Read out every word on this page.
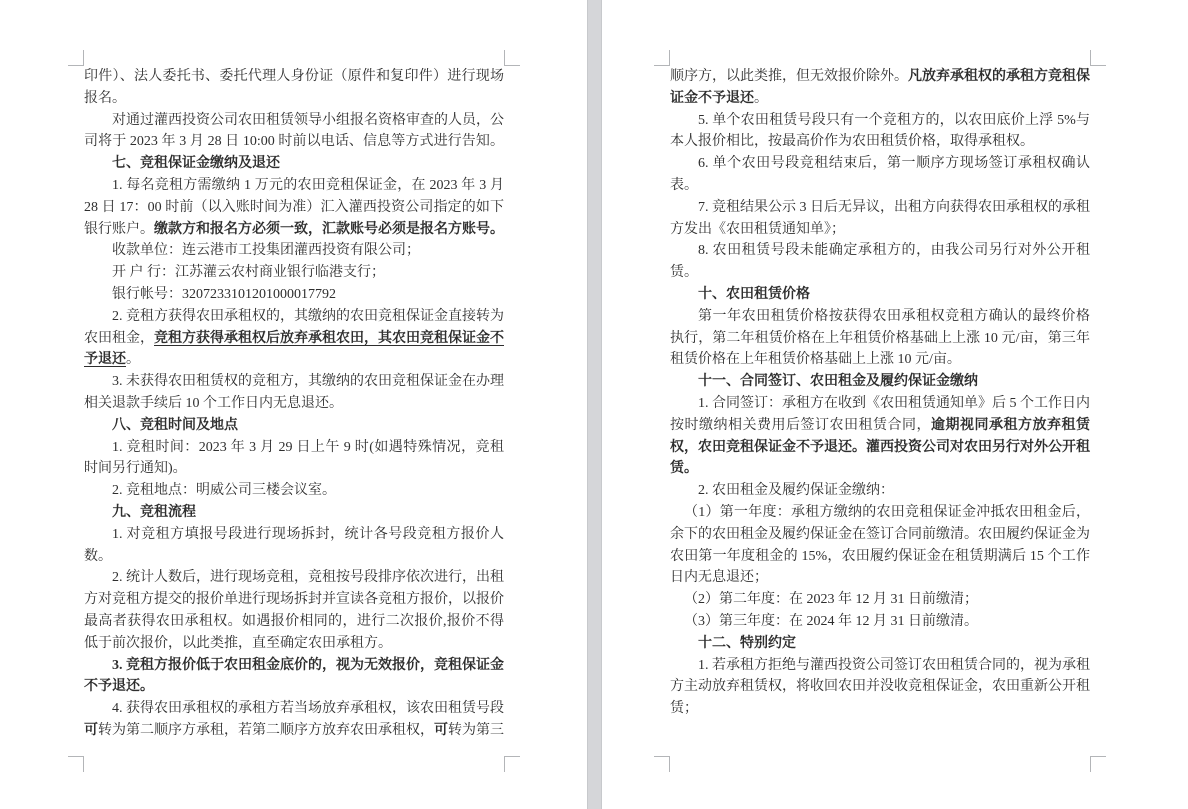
印件）、法人委托书、委托代理人身份证（原件和复印件）进行现场
报名。
对通过灌西投资公司农田租赁领导小组报名资格审查的人员，公
司将于 2023 年 3 月 28 日 10:00 时前以电话、信息等方式进行告知。
七、竞租保证金缴纳及退还
1. 每名竞租方需缴纳 1 万元的农田竞租保证金，在 2023 年 3 月
28 日 17：00 时前（以入账时间为准）汇入灌西投资公司指定的如下
银行账户。缴款方和报名方必须一致，汇款账号必须是报名方账号。
收款单位：连云港市工投集团灌西投资有限公司；
开 户 行：江苏灌云农村商业银行临港支行；
银行帐号：3207233101201000017792
2. 竞租方获得农田承租权的，其缴纳的农田竞租保证金直接转为
农田租金，竞租方获得承租权后放弃承租农田，其农田竞租保证金不
予退还。
3. 未获得农田租赁权的竞租方，其缴纳的农田竞租保证金在办理
相关退款手续后 10 个工作日内无息退还。
八、竞租时间及地点
1. 竞租时间：2023 年 3 月 29 日上午 9 时(如遇特殊情况，竞租
时间另行通知)。
2. 竞租地点：明威公司三楼会议室。
九、竞租流程
1. 对竞租方填报号段进行现场拆封，统计各号段竞租方报价人
数。
2. 统计人数后，进行现场竞租，竞租按号段排序依次进行，出租
方对竞租方提交的报价单进行现场拆封并宣读各竞租方报价，以报价
最高者获得农田承租权。如遇报价相同的，进行二次报价,报价不得
低于前次报价，以此类推，直至确定农田承租方。
3. 竞租方报价低于农田租金底价的，视为无效报价，竞租保证金
不予退还。
4. 获得农田承租权的承租方若当场放弃承租权，该农田租赁号段
可转为第二顺序方承租，若第二顺序方放弃农田承租权，可转为第三
顺序方，以此类推，但无效报价除外。凡放弃承租权的承租方竞租保
证金不予退还。
5. 单个农田租赁号段只有一个竞租方的，以农田底价上浮 5%与
本人报价相比，按最高价作为农田租赁价格，取得承租权。
6. 单个农田号段竞租结束后，第一顺序方现场签订承租权确认
表。
7. 竞租结果公示 3 日后无异议，出租方向获得农田承租权的承租
方发出《农田租赁通知单》；
8. 农田租赁号段未能确定承租方的，由我公司另行对外公开租
赁。
十、农田租赁价格
第一年农田租赁价格按获得农田承租权竞租方确认的最终价格
执行，第二年租赁价格在上年租赁价格基础上上涨 10 元/亩，第三年
租赁价格在上年租赁价格基础上上涨 10 元/亩。
十一、合同签订、农田租金及履约保证金缴纳
1. 合同签订：承租方在收到《农田租赁通知单》后 5 个工作日内
按时缴纳相关费用后签订农田租赁合同，逾期视同承租方放弃租赁
权，农田竞租保证金不予退还。灌西投资公司对农田另行对外公开租
赁。
2. 农田租金及履约保证金缴纳：
（1）第一年度：承租方缴纳的农田竞租保证金冲抵农田租金后，
余下的农田租金及履约保证金在签订合同前缴清。农田履约保证金为
农田第一年度租金的 15%，农田履约保证金在租赁期满后 15 个工作
日内无息退还；
（2）第二年度：在 2023 年 12 月 31 日前缴清；
（3）第三年度：在 2024 年 12 月 31 日前缴清。
十二、特别约定
1. 若承租方拒绝与灌西投资公司签订农田租赁合同的，视为承租
方主动放弃租赁权，将收回农田并没收竞租保证金，农田重新公开租
赁；
